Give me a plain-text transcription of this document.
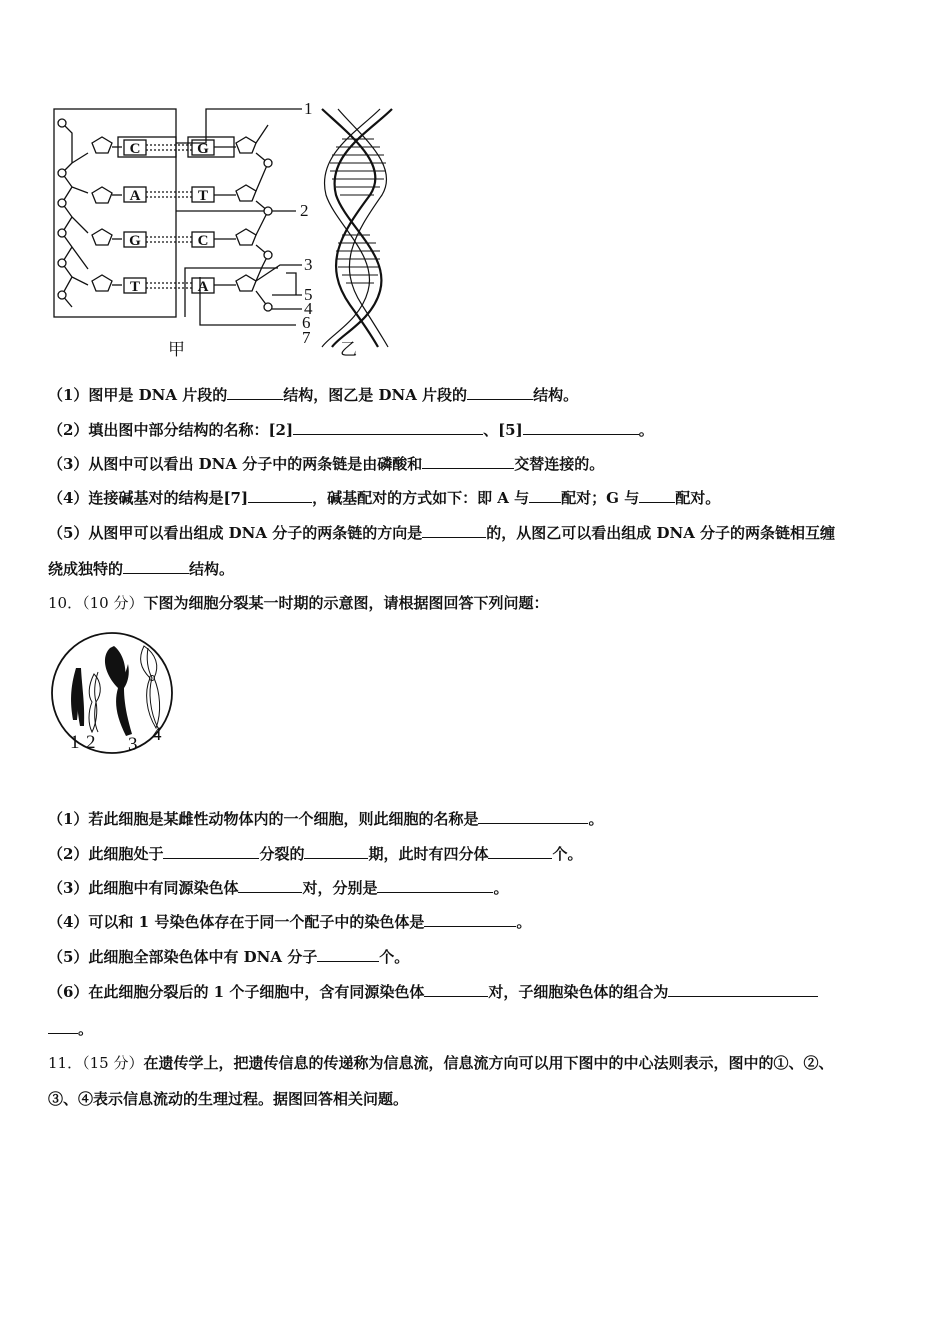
C
A
G
T
G
T
C
A
1
2
3
5
4
6
7
甲	乙
（1）图甲是 DNA 片段的	结构，图乙是 DNA 片段的	结构。
（2）填出图中部分结构的名称：[2]	、[5]	。
（3）从图中可以看出 DNA 分子中的两条链是由磷酸和	交替连接的。
（4）连接碱基对的结构是[7]	，碱基配对的方式如下：即 A 与 配对；G 与 配对。
（5）从图甲可以看出组成 DNA 分子的两条链的方向是	的，从图乙可以看出组成 DNA 分子的两条链相互缠
绕成独特的	结构。
10．（10 分）下图为细胞分裂某一时期的示意图，请根据图回答下列问题：
1 2 3 4
（1）若此细胞是某雌性动物体内的一个细胞，则此细胞的名称是	。
（2）此细胞处于	分裂的	期，此时有四分体	个。
（3）此细胞中有同源染色体	对，分别是	。
（4）可以和 1 号染色体存在于同一个配子中的染色体是	。
（5）此细胞全部染色体中有 DNA 分子	个。
（6）在此细胞分裂后的 1 个子细胞中，含有同源染色体	对，子细胞染色体的组合为
。
11．（15 分）在遗传学上，把遗传信息的传递称为信息流，信息流方向可以用下图中的中心法则表示，图中的①、②、
③、④表示信息流动的生理过程。据图回答相关问题。
